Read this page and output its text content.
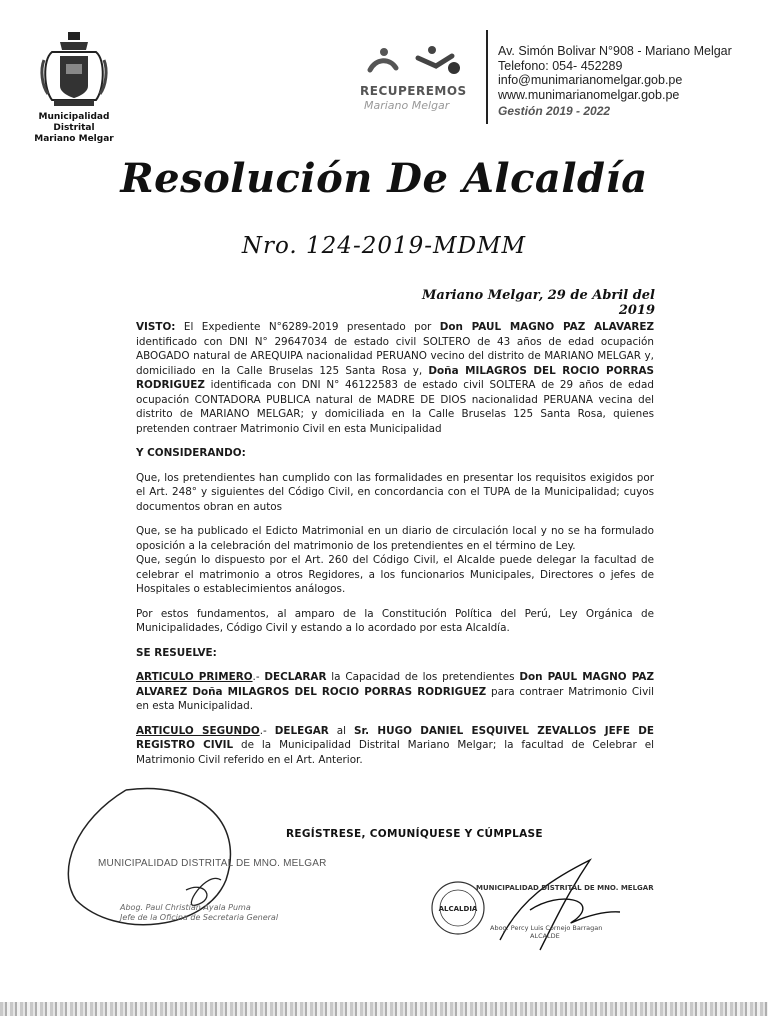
Municipalidad Distrital
Mariano Melgar
RECUPEREMOS
Mariano Melgar
Av. Simón Bolivar N°908 - Mariano Melgar
Telefono: 054- 452289
info@munimarianomelgar.gob.pe
www.munimarianomelgar.gob.pe
Gestión 2019 - 2022
Resolución De Alcaldía
Nro. 124-2019-MDMM
Mariano Melgar, 29 de Abril del 2019

VISTO: El Expediente N°6289-2019 presentado por Don PAUL MAGNO PAZ ALAVAREZ identificado con DNI N° 29647034 de estado civil SOLTERO de 43 años de edad ocupación ABOGADO natural de AREQUIPA nacionalidad PERUANO vecino del distrito de MARIANO MELGAR y, domiciliado en la Calle Bruselas 125 Santa Rosa y, Doña MILAGROS DEL ROCIO PORRAS RODRIGUEZ identificada con DNI N° 46122583 de estado civil SOLTERA de 29 años de edad ocupación CONTADORA PUBLICA natural de MADRE DE DIOS nacionalidad PERUANA vecina del distrito de MARIANO MELGAR; y domiciliada en la Calle Bruselas 125 Santa Rosa, quienes pretenden contraer Matrimonio Civil en esta Municipalidad

Y CONSIDERANDO:

Que, los pretendientes han cumplido con las formalidades en presentar los requisitos exigidos por el Art. 248° y siguientes del Código Civil, en concordancia con el TUPA de la Municipalidad; cuyos documentos obran en autos

Que, se ha publicado el Edicto Matrimonial en un diario de circulación local y no se ha formulado oposición a la celebración del matrimonio de los pretendientes en el término de Ley.

Que, según lo dispuesto por el Art. 260 del Código Civil, el Alcalde puede delegar la facultad de celebrar el matrimonio a otros Regidores, a los funcionarios Municipales, Directores o jefes de Hospitales o establecimientos análogos.

Por estos fundamentos, al amparo de la Constitución Política del Perú, Ley Orgánica de Municipalidades, Código Civil y estando a lo acordado por esta Alcaldía.

SE RESUELVE:

ARTICULO PRIMERO.- DECLARAR la Capacidad de los pretendientes Don PAUL MAGNO PAZ ALVAREZ Doña MILAGROS DEL ROCIO PORRAS RODRIGUEZ para contraer Matrimonio Civil en esta Municipalidad.

ARTICULO SEGUNDO.- DELEGAR al Sr. HUGO DANIEL ESQUIVEL ZEVALLOS JEFE DE REGISTRO CIVIL de la Municipalidad Distrital Mariano Melgar; la facultad de Celebrar el Matrimonio Civil referido en el Art. Anterior.

REGÍSTRESE, COMUNÍQUESE Y CÚMPLASE
MUNICIPALIDAD DISTRITAL DE MNO. MELGAR
Abog. Paul Christian Ayala Puma
Jefe de la Oficina de Secretaria General
ALCALDIA
MUNICIPALIDAD DISTRITAL DE MNO. MELGAR
Abog. Percy Luis Cornejo Barragan
ALCALDE
